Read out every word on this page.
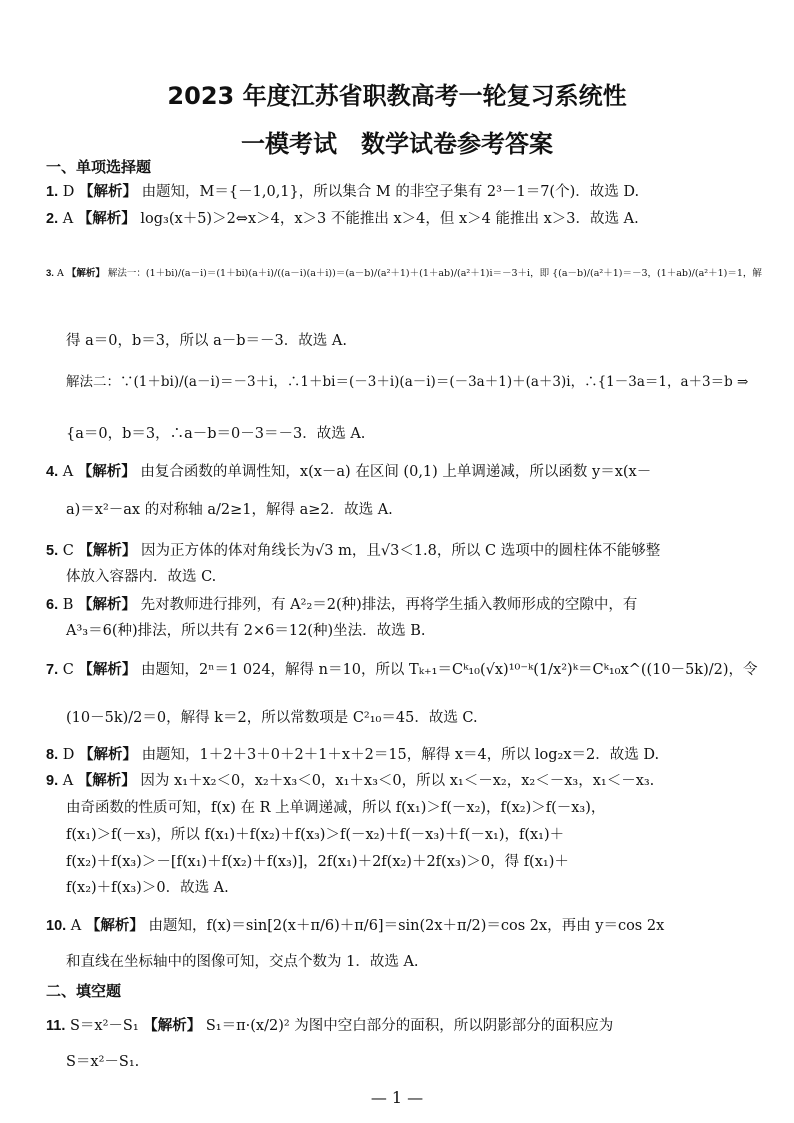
2023 年度江苏省职教高考一轮复习系统性
一模考试　数学试卷参考答案
一、单项选择题
1. D 【解析】 由题知，M＝{－1,0,1}，所以集合 M 的非空子集有 2³－1＝7(个)．故选 D.
2. A 【解析】 log₃(x＋5)＞2⇔x＞4，x＞3 不能推出 x＞4，但 x＞4 能推出 x＞3．故选 A.
3. A 【解析】 解法一：(1＋bi)/(a－i)＝(1＋bi)(a＋i)/((a－i)(a＋i))＝(a－b)/(a²＋1)＋(1＋ab)/(a²＋1)i＝－3＋i，即 {(a－b)/(a²＋1)＝－3，(1＋ab)/(a²＋1)＝1，解
得 a＝0，b＝3，所以 a－b＝－3．故选 A.
解法二：∵(1＋bi)/(a－i)＝－3＋i，∴1＋bi＝(－3＋i)(a－i)＝(－3a＋1)＋(a＋3)i，∴{1－3a＝1，a＋3＝b ⇒
{a＝0，b＝3，∴a－b＝0－3＝－3．故选 A.
4. A 【解析】 由复合函数的单调性知，x(x－a) 在区间 (0,1) 上单调递减，所以函数 y＝x(x－
a)＝x²－ax 的对称轴 a/2≥1，解得 a≥2．故选 A.
5. C 【解析】 因为正方体的体对角线长为√3 m，且√3＜1.8，所以 C 选项中的圆柱体不能够整
体放入容器内．故选 C.
6. B 【解析】 先对教师进行排列，有 A²₂＝2(种)排法，再将学生插入教师形成的空隙中，有
A³₃＝6(种)排法，所以共有 2×6＝12(种)坐法．故选 B.
7. C 【解析】 由题知，2ⁿ＝1 024，解得 n＝10，所以 Tₖ₊₁＝Cᵏ₁₀(√x)¹⁰⁻ᵏ(1/x²)ᵏ＝Cᵏ₁₀x^((10－5k)/2)，令
(10－5k)/2＝0，解得 k＝2，所以常数项是 C²₁₀＝45．故选 C.
8. D 【解析】 由题知，1＋2＋3＋0＋2＋1＋x＋2＝15，解得 x＝4，所以 log₂x＝2．故选 D.
9. A 【解析】 因为 x₁＋x₂＜0，x₂＋x₃＜0，x₁＋x₃＜0，所以 x₁＜－x₂，x₂＜－x₃，x₁＜－x₃.
由奇函数的性质可知，f(x) 在 R 上单调递减，所以 f(x₁)＞f(－x₂)，f(x₂)＞f(－x₃)，
f(x₁)＞f(－x₃)，所以 f(x₁)＋f(x₂)＋f(x₃)＞f(－x₂)＋f(－x₃)＋f(－x₁)，f(x₁)＋
f(x₂)＋f(x₃)＞－[f(x₁)＋f(x₂)＋f(x₃)]，2f(x₁)＋2f(x₂)＋2f(x₃)＞0，得 f(x₁)＋
f(x₂)＋f(x₃)＞0．故选 A.
10. A 【解析】 由题知，f(x)＝sin[2(x＋π/6)＋π/6]＝sin(2x＋π/2)＝cos 2x，再由 y＝cos 2x
和直线在坐标轴中的图像可知，交点个数为 1．故选 A.
二、填空题
11. S＝x²－S₁ 【解析】 S₁＝π·(x/2)² 为图中空白部分的面积，所以阴影部分的面积应为
S＝x²－S₁.
— 1 —
